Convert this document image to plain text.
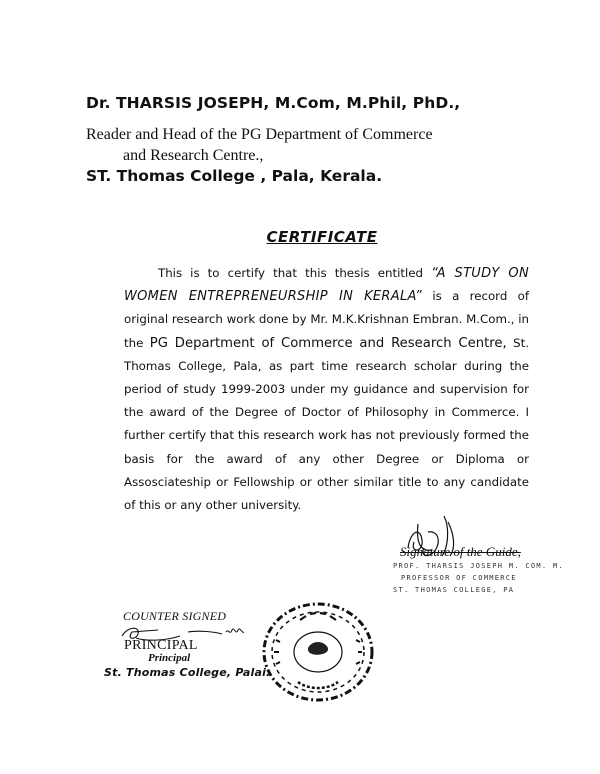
Dr. THARSIS JOSEPH, M.Com, M.Phil, PhD.,
Reader and Head of the PG Department of Commerce
and Research Centre.,
ST. Thomas College , Pala, Kerala.
CERTIFICATE
This is to certify that this thesis entitled “A STUDY ON WOMEN ENTREPRENEURSHIP IN KERALA” is a record of original research work done by Mr. M.K.Krishnan Embran. M.Com., in the PG Department of Commerce and Research Centre, St. Thomas College, Pala, as part time research scholar during the period of study 1999-2003 under my guidance and supervision for the award of the Degree of Doctor of Philosophy in Commerce. I further certify that this research work has not previously formed the basis for the award of any other Degree or Diploma or Assosciateship or Fellowship or other similar title to any candidate of this or any other university.
Signature of the Guide,
PROF. THARSIS JOSEPH M. COM. M.
PROFESSOR OF COMMERCE
ST. THOMAS COLLEGE, PA
COUNTER SIGNED
PRINCIPAL
Principal
St. Thomas College, Palai.
